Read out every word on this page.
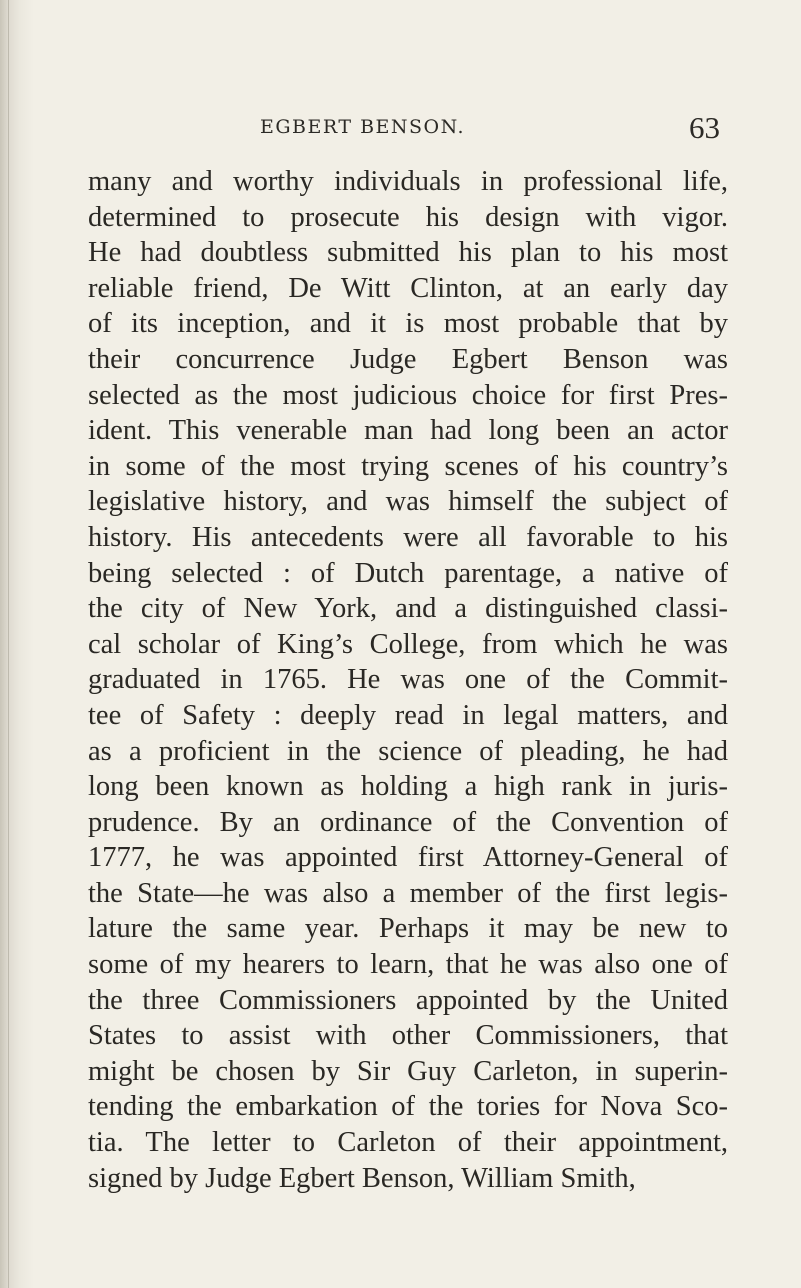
EGBERT BENSON.	63
many and worthy individuals in professional life,
determined to prosecute his design with vigor.
He had doubtless submitted his plan to his most
reliable friend, De Witt Clinton, at an early day
of its inception, and it is most probable that by
their concurrence Judge Egbert Benson was
selected as the most judicious choice for first Pres-
ident. This venerable man had long been an actor
in some of the most trying scenes of his country’s
legislative history, and was himself the subject of
history. His antecedents were all favorable to his
being selected : of Dutch parentage, a native of
the city of New York, and a distinguished classi-
cal scholar of King’s College, from which he was
graduated in 1765. He was one of the Commit-
tee of Safety : deeply read in legal matters, and
as a proficient in the science of pleading, he had
long been known as holding a high rank in juris-
prudence. By an ordinance of the Convention of
1777, he was appointed first Attorney-General of
the State—he was also a member of the first legis-
lature the same year. Perhaps it may be new to
some of my hearers to learn, that he was also one of
the three Commissioners appointed by the United
States to assist with other Commissioners, that
might be chosen by Sir Guy Carleton, in superin-
tending the embarkation of the tories for Nova Sco-
tia. The letter to Carleton of their appointment,
signed by Judge Egbert Benson, William Smith,
